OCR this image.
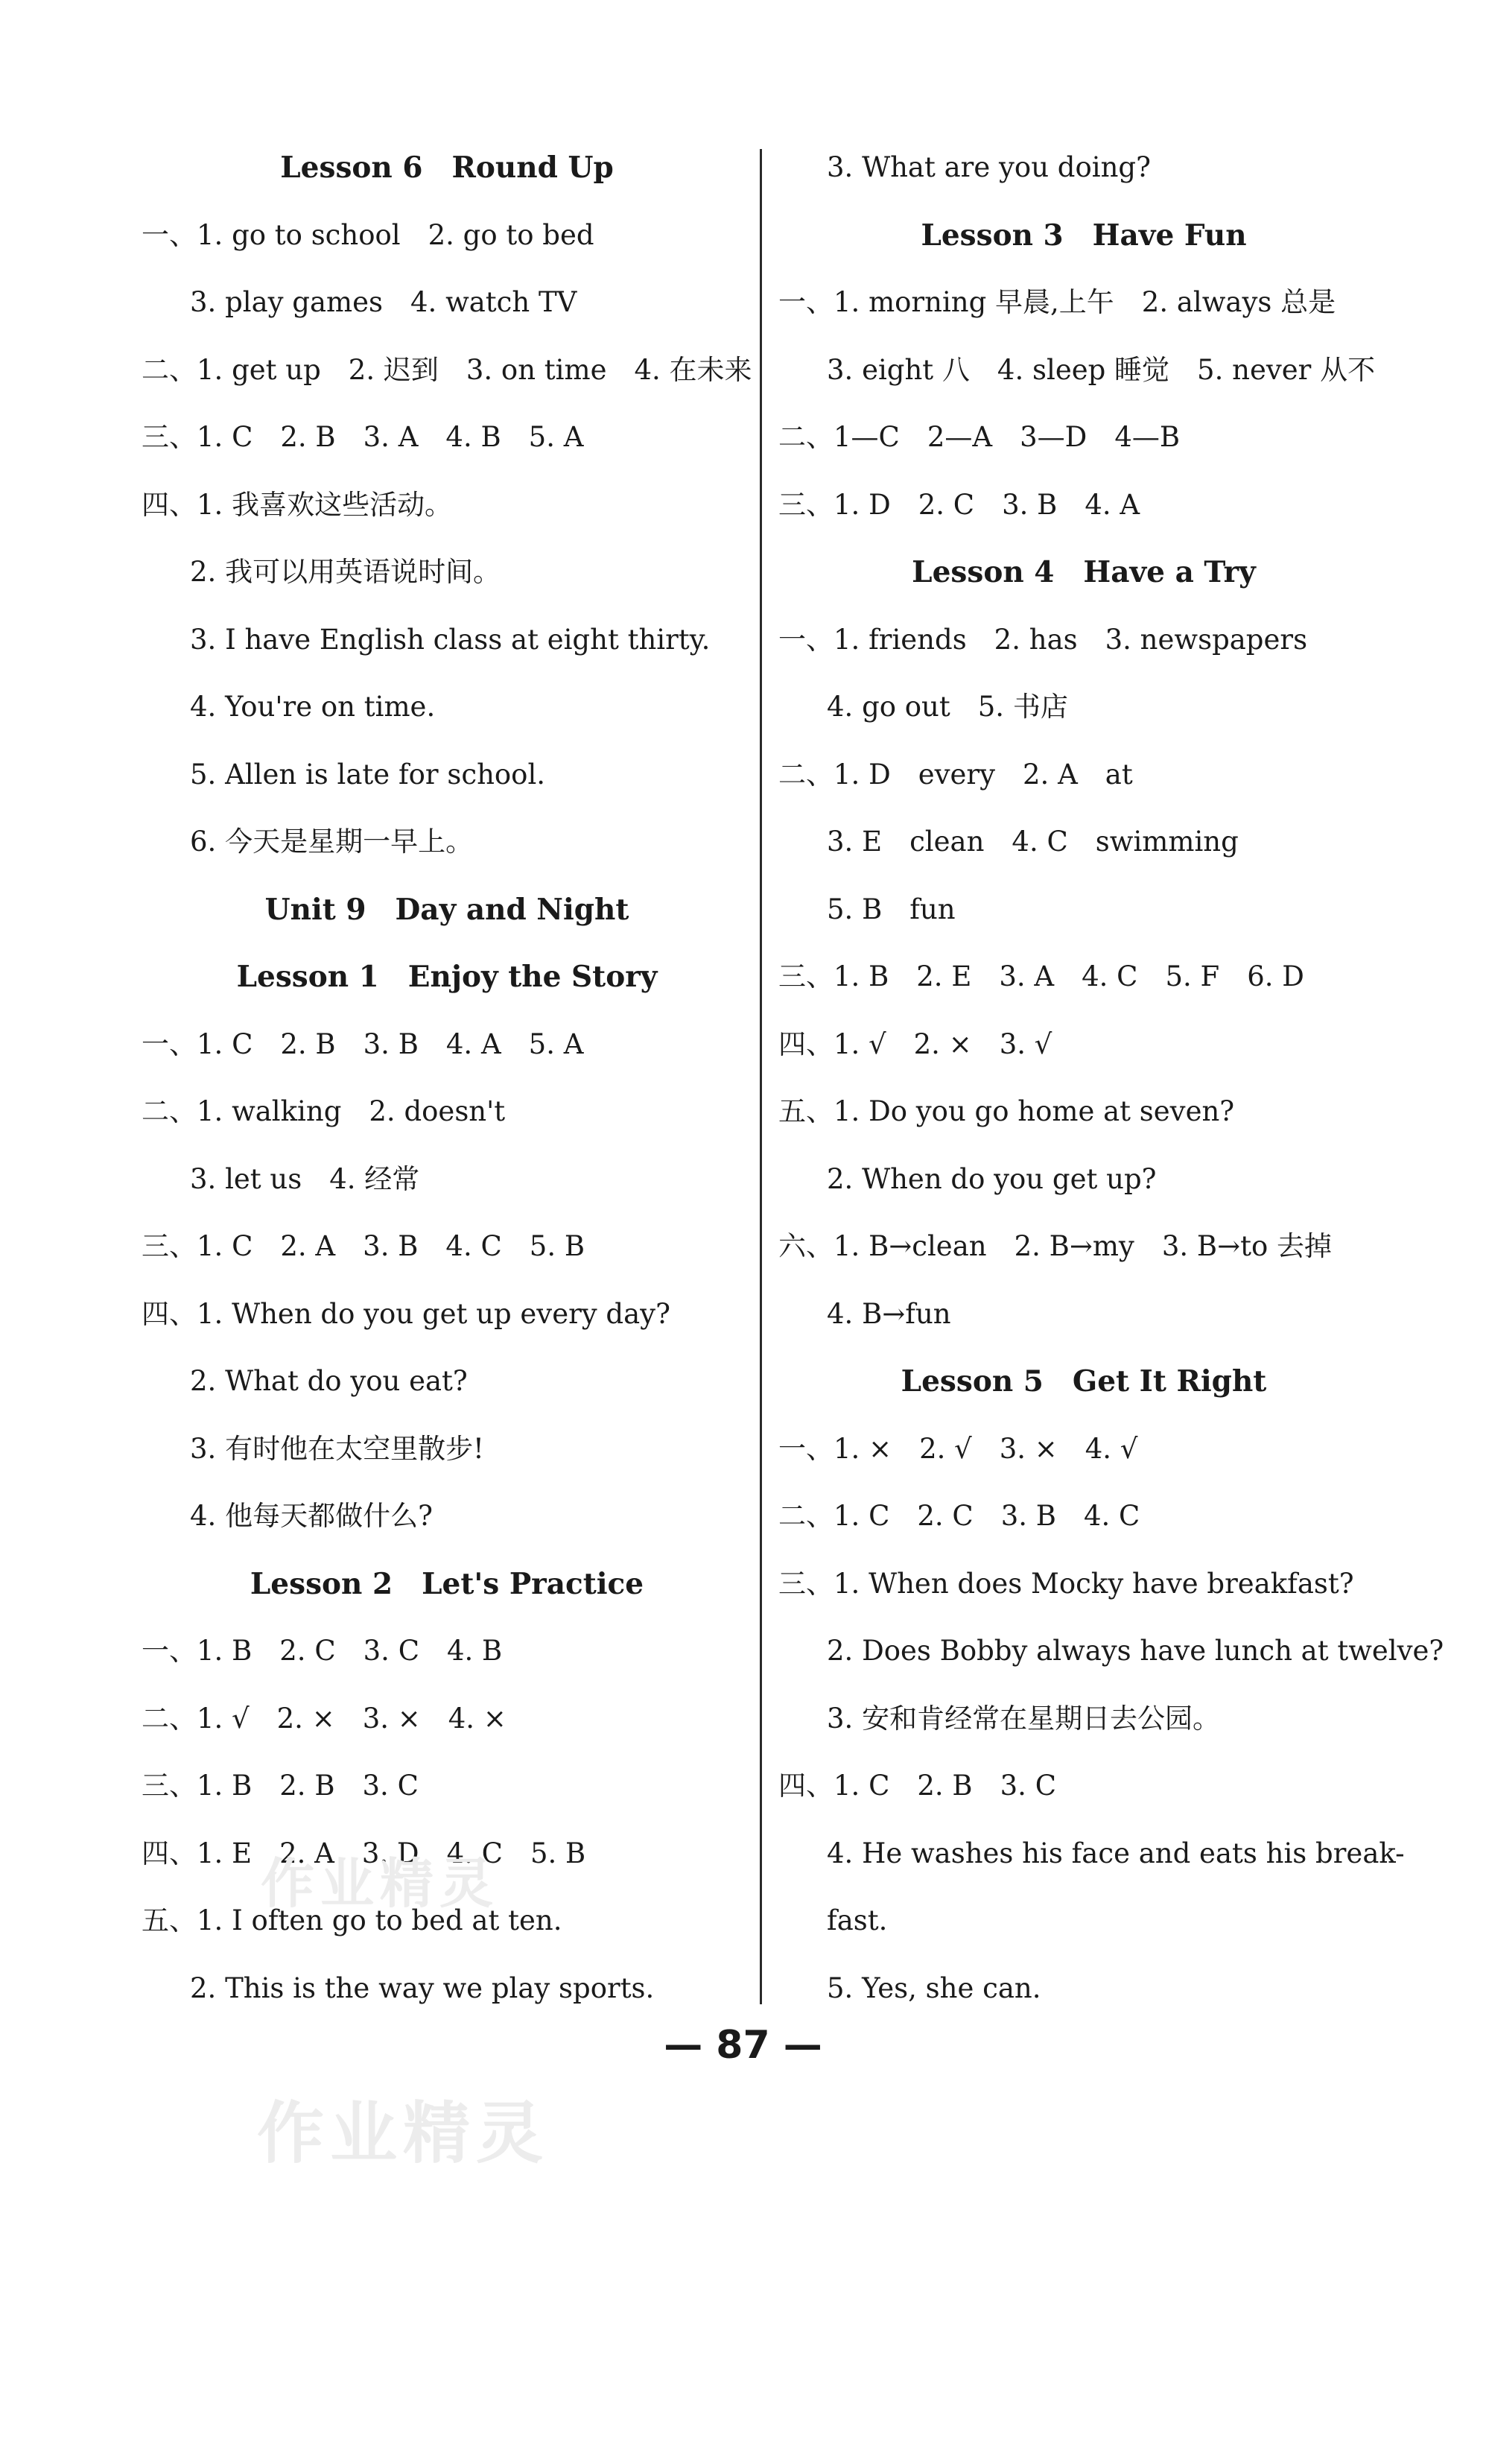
Lesson 6　Round Up
一、1. go to school　2. go to bed
3. play games　4. watch TV
二、1. get up　2. 迟到　3. on time　4. 在未来
三、1. C　2. B　3. A　4. B　5. A
四、1. 我喜欢这些活动。
2. 我可以用英语说时间。
3. I have English class at eight thirty.
4. You're on time.
5. Allen is late for school.
6. 今天是星期一早上。
Unit 9　Day and Night
Lesson 1　Enjoy the Story
一、1. C　2. B　3. B　4. A　5. A
二、1. walking　2. doesn't
3. let us　4. 经常
三、1. C　2. A　3. B　4. C　5. B
四、1. When do you get up every day?
2. What do you eat?
3. 有时他在太空里散步!
4. 他每天都做什么?
Lesson 2　Let's Practice
一、1. B　2. C　3. C　4. B
二、1. √　2. ×　3. ×　4. ×
三、1. B　2. B　3. C
四、1. E　2. A　3. D　4. C　5. B
五、1. I often go to bed at ten.
2. This is the way we play sports.
3. What are you doing?
Lesson 3　Have Fun
一、1. morning 早晨,上午　2. always 总是
3. eight 八　4. sleep 睡觉　5. never 从不
二、1—C　2—A　3—D　4—B
三、1. D　2. C　3. B　4. A
Lesson 4　Have a Try
一、1. friends　2. has　3. newspapers
4. go out　5. 书店
二、1. D　every　2. A　at
3. E　clean　4. C　swimming
5. B　fun
三、1. B　2. E　3. A　4. C　5. F　6. D
四、1. √　2. ×　3. √
五、1. Do you go home at seven?
2. When do you get up?
六、1. B→clean　2. B→my　3. B→to 去掉
4. B→fun
Lesson 5　Get It Right
一、1. ×　2. √　3. ×　4. √
二、1. C　2. C　3. B　4. C
三、1. When does Mocky have breakfast?
2. Does Bobby always have lunch at twelve?
3. 安和肯经常在星期日去公园。
四、1. C　2. B　3. C
4. He washes his face and eats his break-
fast.
5. Yes, she can.
作业精灵
作业精灵
— 87 —
